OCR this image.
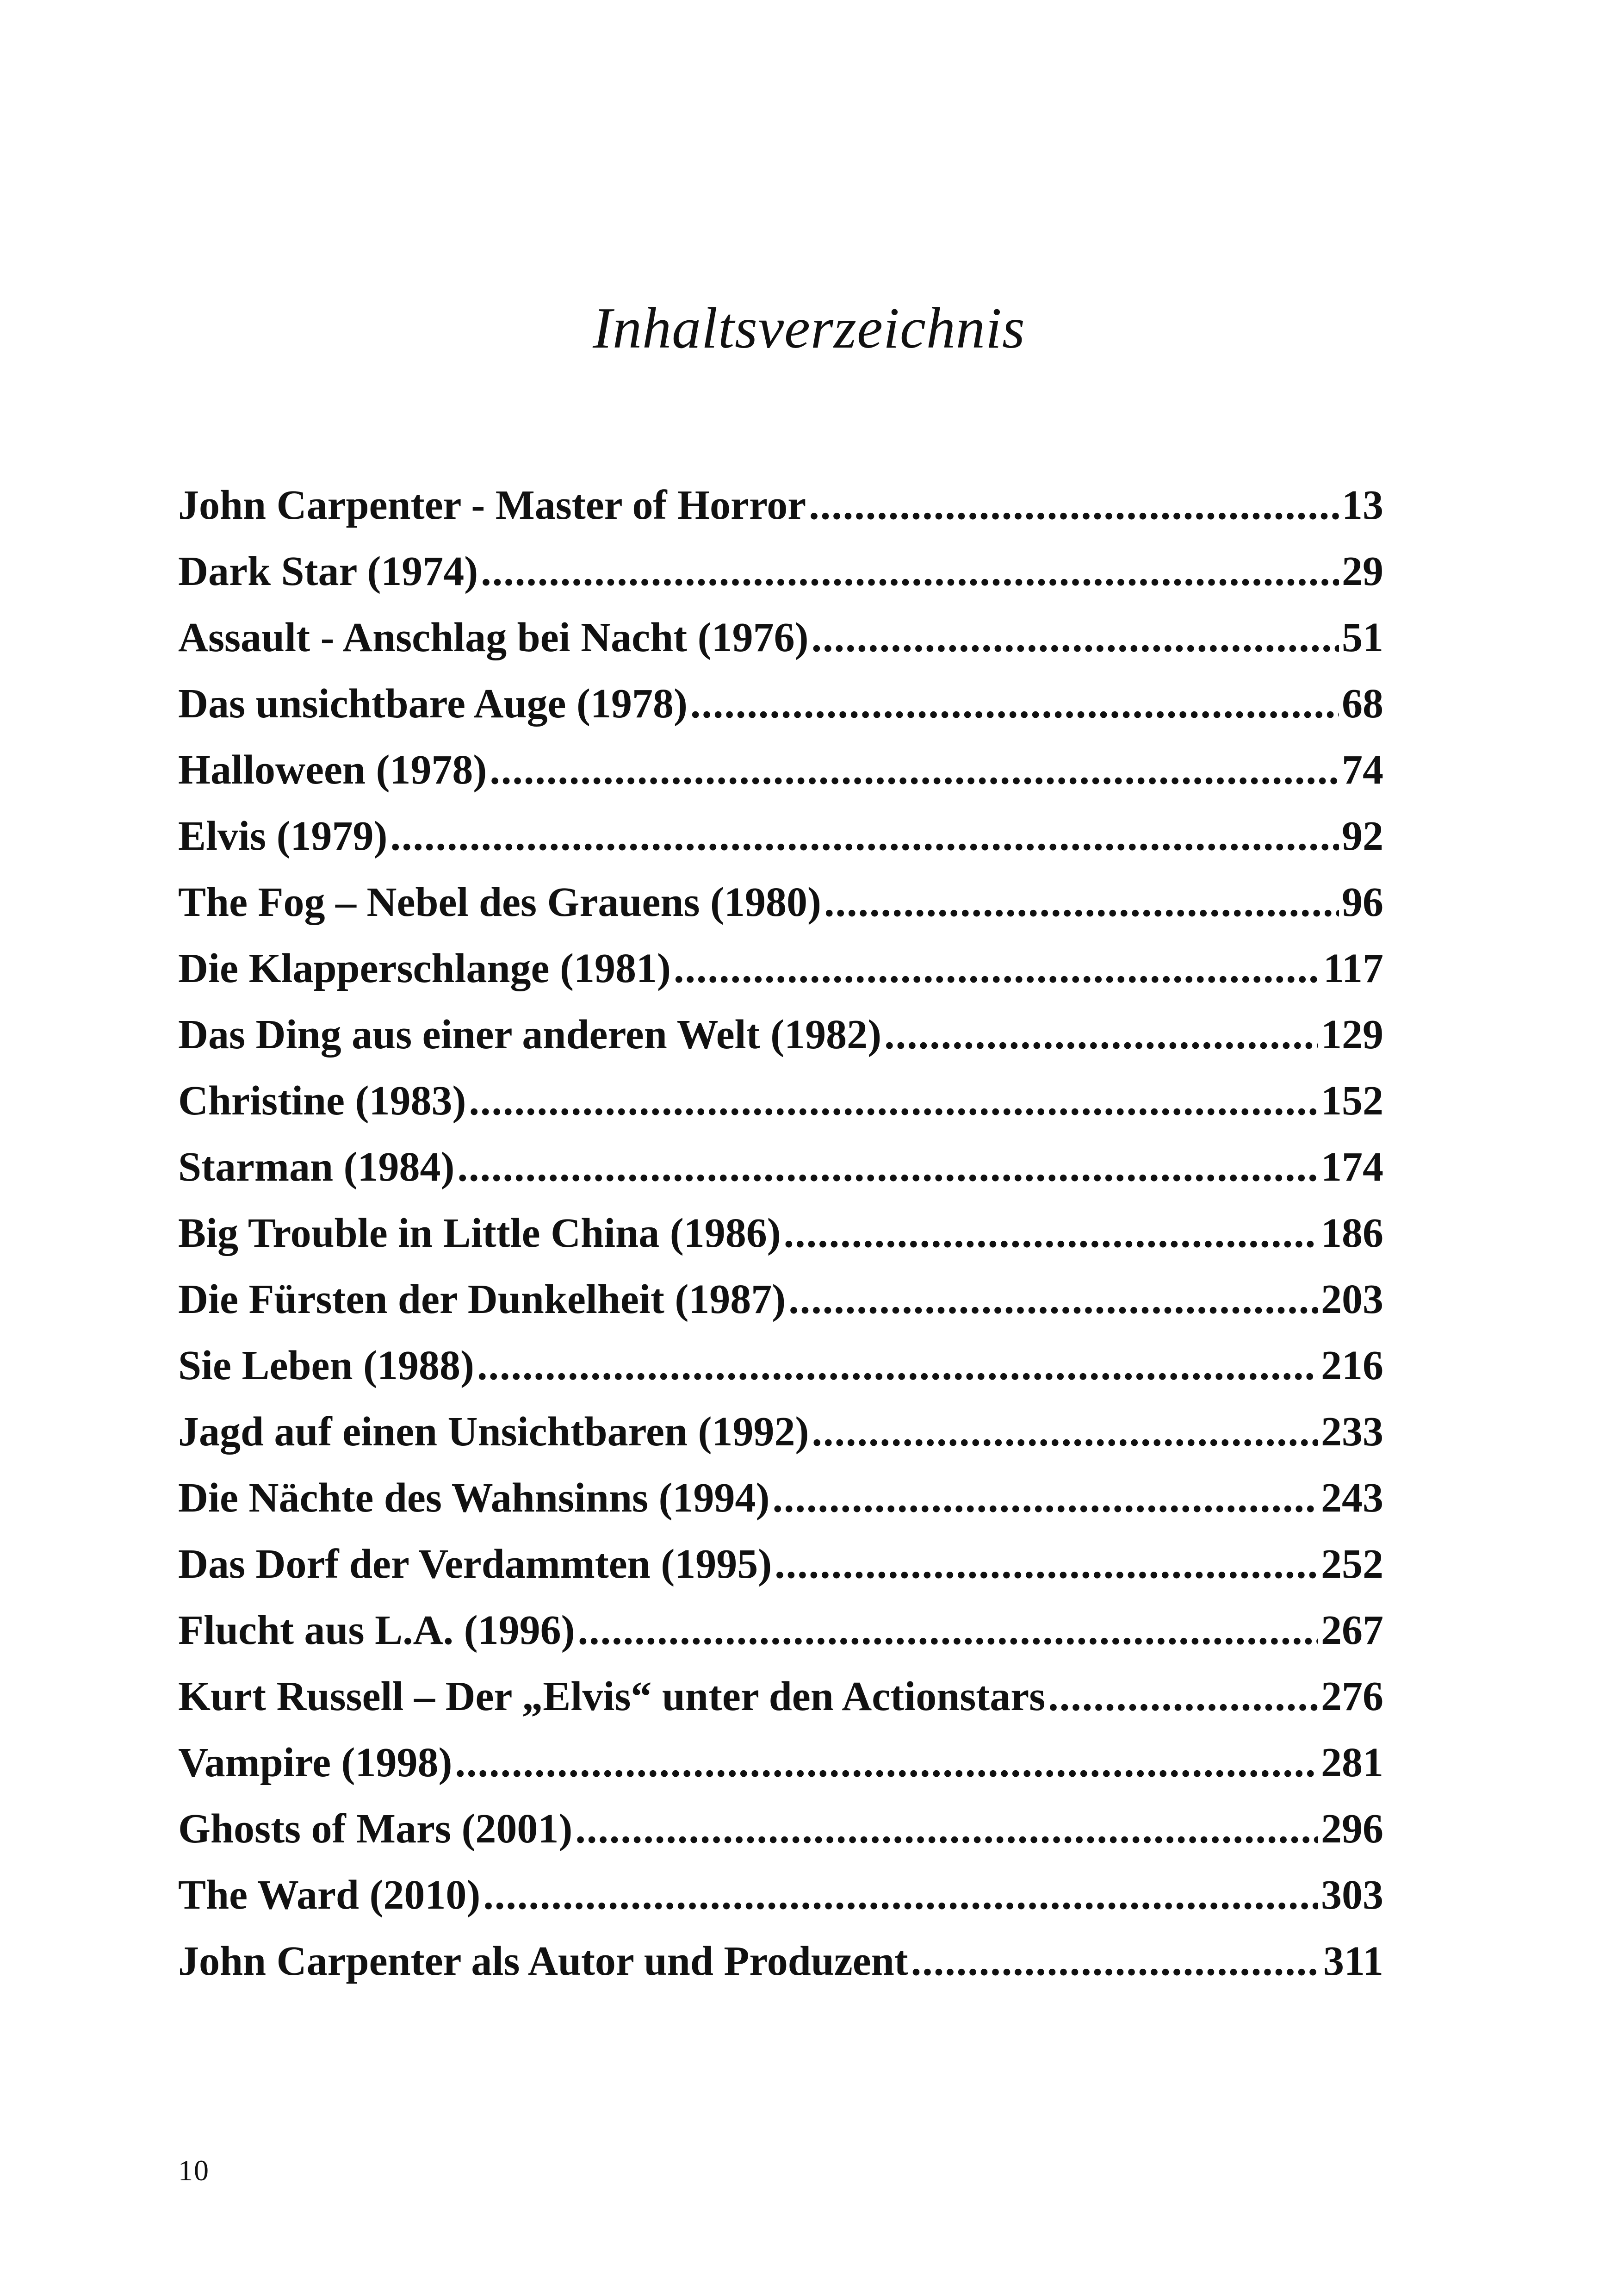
Inhaltsverzeichnis
John Carpenter - Master of Horror .....	13
Dark Star (1974) .....	29
Assault - Anschlag bei Nacht (1976) .....	51
Das unsichtbare Auge (1978) .....	68
Halloween (1978) .....	74
Elvis (1979) .....	92
The Fog – Nebel des Grauens (1980) .....	96
Die Klapperschlange (1981) .....	117
Das Ding aus einer anderen Welt (1982) .....	129
Christine (1983) .....	152
Starman (1984) .....	174
Big Trouble in Little China (1986) .....	186
Die Fürsten der Dunkelheit (1987) .....	203
Sie Leben (1988) .....	216
Jagd auf einen Unsichtbaren (1992) .....	233
Die Nächte des Wahnsinns (1994) .....	243
Das Dorf der Verdammten (1995) .....	252
Flucht aus L.A. (1996) .....	267
Kurt Russell – Der „Elvis“ unter den Actionstars .....	276
Vampire (1998) .....	281
Ghosts of Mars (2001) .....	296
The Ward (2010) .....	303
John Carpenter als Autor und Produzent .....	311
10
